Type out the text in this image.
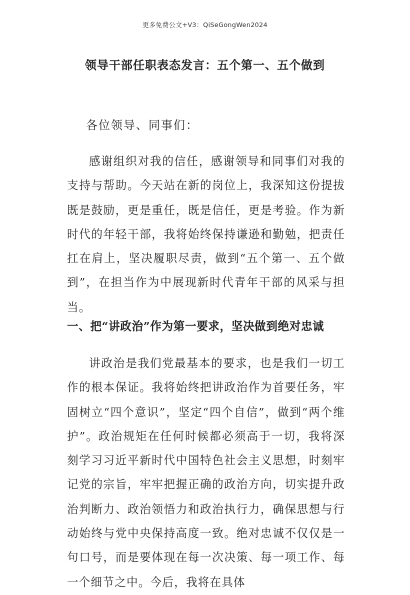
更多免费公文+V3：QiSeGongWen2024
领导干部任职表态发言：五个第一、五个做到
各位领导、同事们：
感谢组织对我的信任，感谢领导和同事们对我的支持与帮助。今天站在新的岗位上，我深知这份提拔既是鼓励，更是重任，既是信任，更是考验。作为新时代的年轻干部，我将始终保持谦逊和勤勉，把责任扛在肩上，坚决履职尽责，做到“五个第一、五个做到”，在担当作为中展现新时代青年干部的风采与担当。
一、把“讲政治”作为第一要求，坚决做到绝对忠诚
讲政治是我们党最基本的要求，也是我们一切工作的根本保证。我将始终把讲政治作为首要任务，牢固树立“四个意识”，坚定“四个自信”，做到“两个维护”。政治规矩在任何时候都必须高于一切，我将深刻学习习近平新时代中国特色社会主义思想，时刻牢记党的宗旨，牢牢把握正确的政治方向，切实提升政治判断力、政治领悟力和政治执行力，确保思想与行动始终与党中央保持高度一致。绝对忠诚不仅仅是一句口号，而是要体现在每一次决策、每一项工作、每一个细节之中。今后，我将在具体
